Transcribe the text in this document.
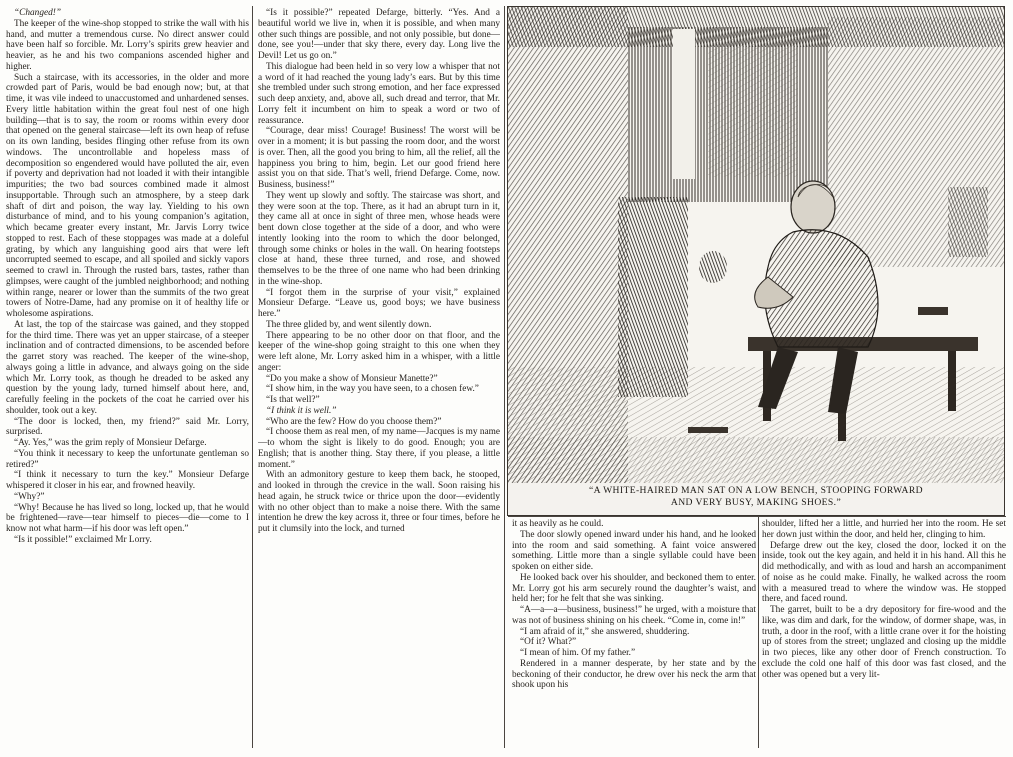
“Changed!”

The keeper of the wine-shop stopped to strike the wall with his hand, and mutter a tremendous curse. No direct answer could have been half so forcible. Mr. Lorry’s spirits grew heavier and heavier, as he and his two companions ascended higher and higher.

Such a staircase, with its accessories, in the older and more crowded part of Paris, would be bad enough now; but, at that time, it was vile indeed to unaccustomed and unhardened senses. Every little habitation within the great foul nest of one high building—that is to say, the room or rooms within every door that opened on the general staircase—left its own heap of refuse on its own landing, besides flinging other refuse from its own windows. The uncontrollable and hopeless mass of decomposition so engendered would have polluted the air, even if poverty and deprivation had not loaded it with their intangible impurities; the two bad sources combined made it almost insupportable. Through such an atmosphere, by a steep dark shaft of dirt and poison, the way lay. Yielding to his own disturbance of mind, and to his young companion’s agitation, which became greater every instant, Mr. Jarvis Lorry twice stopped to rest. Each of these stoppages was made at a doleful grating, by which any languishing good airs that were left uncorrupted seemed to escape, and all spoiled and sickly vapors seemed to crawl in. Through the rusted bars, tastes, rather than glimpses, were caught of the jumbled neighborhood; and nothing within range, nearer or lower than the summits of the two great towers of Notre-Dame, had any promise on it of healthy life or wholesome aspirations.

At last, the top of the staircase was gained, and they stopped for the third time. There was yet an upper staircase, of a steeper inclination and of contracted dimensions, to be ascended before the garret story was reached. The keeper of the wine-shop, always going a little in advance, and always going on the side which Mr. Lorry took, as though he dreaded to be asked any question by the young lady, turned himself about here, and, carefully feeling in the pockets of the coat he carried over his shoulder, took out a key.

“The door is locked, then, my friend?” said Mr. Lorry, surprised.

“Ay. Yes,” was the grim reply of Monsieur Defarge.

“You think it necessary to keep the unfortunate gentleman so retired?”

“I think it necessary to turn the key.” Monsieur Defarge whispered it closer in his ear, and frowned heavily.

“Why?”

“Why! Because he has lived so long, locked up, that he would be frightened—rave—tear himself to pieces—die—come to I know not what harm—if his door was left open.”

“Is it possible!” exclaimed Mr Lorry.

“Is it possible?” repeated Defarge, bitterly. “Yes. And a beautiful world we live in, when it is possible, and when many other such things are possible, and not only possible, but done—done, see you!—under that sky there, every day. Long live the Devil! Let us go on.”

This dialogue had been held in so very low a whisper that not a word of it had reached the young lady’s ears. But by this time she trembled under such strong emotion, and her face expressed such deep anxiety, and, above all, such dread and terror, that Mr. Lorry felt it incumbent on him to speak a word or two of reassurance.

“Courage, dear miss! Courage! Business! The worst will be over in a moment; it is but passing the room door, and the worst is over. Then, all the good you bring to him, all the relief, all the happiness you bring to him, begin. Let our good friend here assist you on that side. That’s well, friend Defarge. Come, now. Business, business!”

They went up slowly and softly. The staircase was short, and they were soon at the top. There, as it had an abrupt turn in it, they came all at once in sight of three men, whose heads were bent down close together at the side of a door, and who were intently looking into the room to which the door belonged, through some chinks or holes in the wall. On hearing footsteps close at hand, these three turned, and rose, and showed themselves to be the three of one name who had been drinking in the wine-shop.

“I forgot them in the surprise of your visit,” explained Monsieur Defarge. “Leave us, good boys; we have business here.”

The three glided by, and went silently down.

There appearing to be no other door on that floor, and the keeper of the wine-shop going straight to this one when they were left alone, Mr. Lorry asked him in a whisper, with a little anger:

“Do you make a show of Monsieur Manette?”

“I show him, in the way you have seen, to a chosen few.”

“Is that well?”

“I think it is well.”

“Who are the few? How do you choose them?”

“I choose them as real men, of my name—Jacques is my name—to whom the sight is likely to do good. Enough; you are English; that is another thing. Stay there, if you please, a little moment.”

With an admonitory gesture to keep them back, he stooped, and looked in through the crevice in the wall. Soon raising his head again, he struck twice or thrice upon the door—evidently with no other object than to make a noise there. With the same intention he drew the key across it, three or four times, before he put it clumsily into the lock, and turned

“A WHITE-HAIRED MAN SAT ON A LOW BENCH, STOOPING FORWARD
AND VERY BUSY, MAKING SHOES.”

it as heavily as he could.

The door slowly opened inward under his hand, and he looked into the room and said something. A faint voice answered something. Little more than a single syllable could have been spoken on either side.

He looked back over his shoulder, and beckoned them to enter. Mr. Lorry got his arm securely round the daughter’s waist, and held her; for he felt that she was sinking.

“A—a—a—business, business!” he urged, with a moisture that was not of business shining on his cheek. “Come in, come in!”

“I am afraid of it,” she answered, shuddering.

“Of it? What?”

“I mean of him. Of my father.”

Rendered in a manner desperate, by her state and by the beckoning of their conductor, he drew over his neck the arm that shook upon his

shoulder, lifted her a little, and hurried her into the room. He set her down just within the door, and held her, clinging to him.

Defarge drew out the key, closed the door, locked it on the inside, took out the key again, and held it in his hand. All this he did methodically, and with as loud and harsh an accompaniment of noise as he could make. Finally, he walked across the room with a measured tread to where the window was. He stopped there, and faced round.

The garret, built to be a dry depository for fire-wood and the like, was dim and dark, for the window, of dormer shape, was, in truth, a door in the roof, with a little crane over it for the hoisting up of stores from the street; unglazed and closing up the middle in two pieces, like any other door of French construction. To exclude the cold one half of this door was fast closed, and the other was opened but a very lit-
